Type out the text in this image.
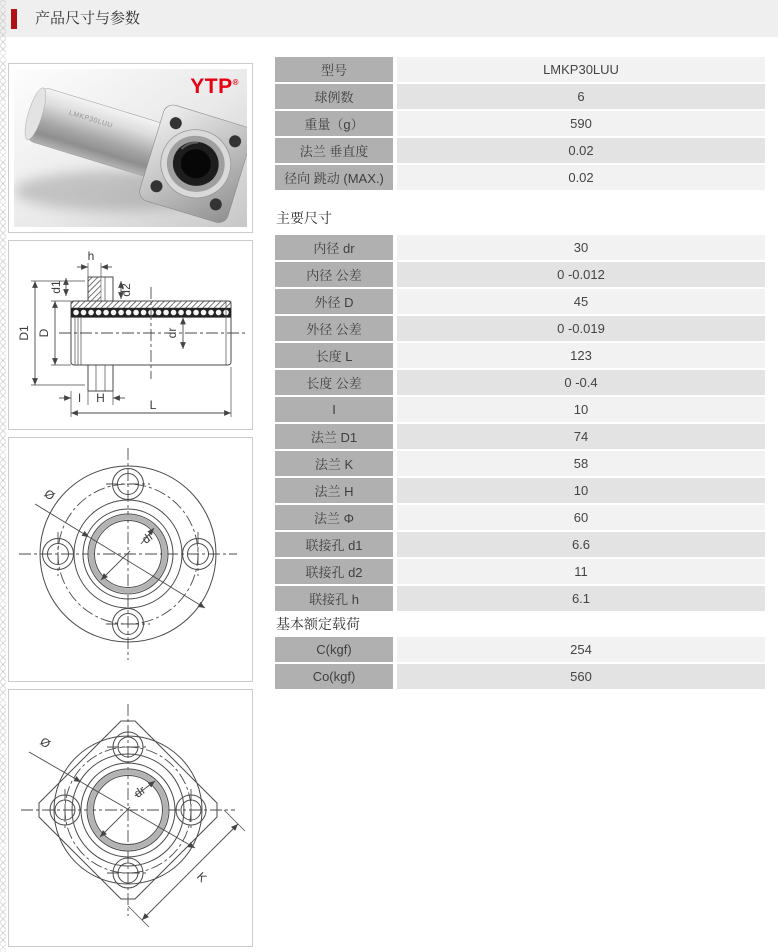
产品尺寸与参数
YTP®
LMKP30LUU
h
d1	d2
D1 D	dr
I H	L
Ø
dr
Ø
dr
K
型号	LMKP30LUU
球例数	6
重量（g）	590
法兰 垂直度	0.02
径向 跳动 (MAX.)	0.02
主要尺寸
内径 dr	30
内径 公差	0 -0.012
外径 D	45
外径 公差	0 -0.019
长度 L	123
长度 公差	0 -0.4
I	10
法兰 D1	74
法兰 K	58
法兰 H	10
法兰 Φ	60
联接孔 d1	6.6
联接孔 d2	11
联接孔 h	6.1
基本额定载荷
C(kgf)	254
Co(kgf)	560
